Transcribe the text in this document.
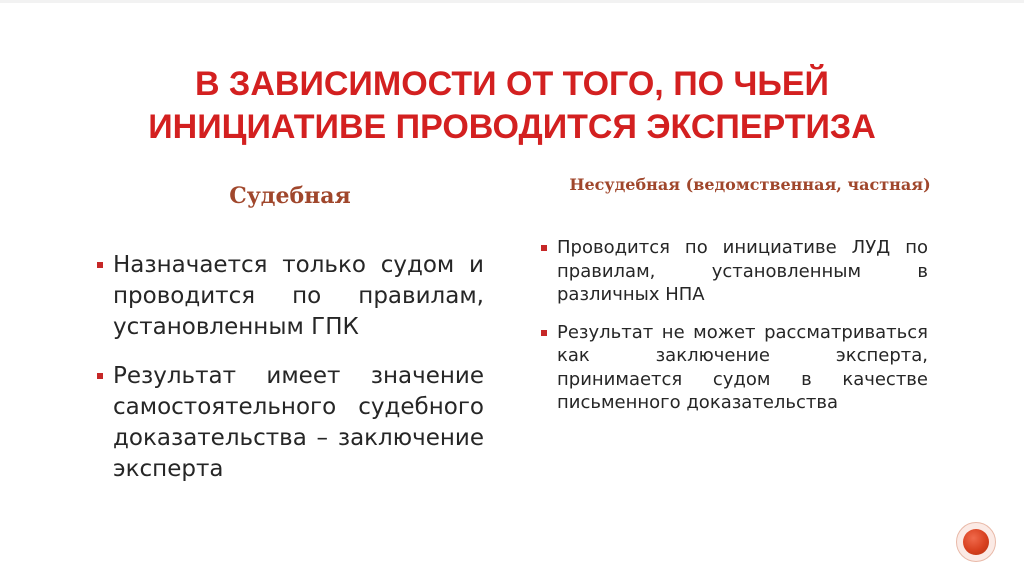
В ЗАВИСИМОСТИ ОТ ТОГО, ПО ЧЬЕЙ ИНИЦИАТИВЕ ПРОВОДИТСЯ ЭКСПЕРТИЗА
Судебная	Несудебная (ведомственная, частная)
Назначается только судом и проводится по правилам, установленным ГПК
Результат имеет значение самостоятельного судебного доказательства – заключение эксперта
Проводится по инициативе ЛУД по правилам, установленным в различных НПА
Результат не может рассматриваться как заключение эксперта, принимается судом в качестве письменного доказательства
